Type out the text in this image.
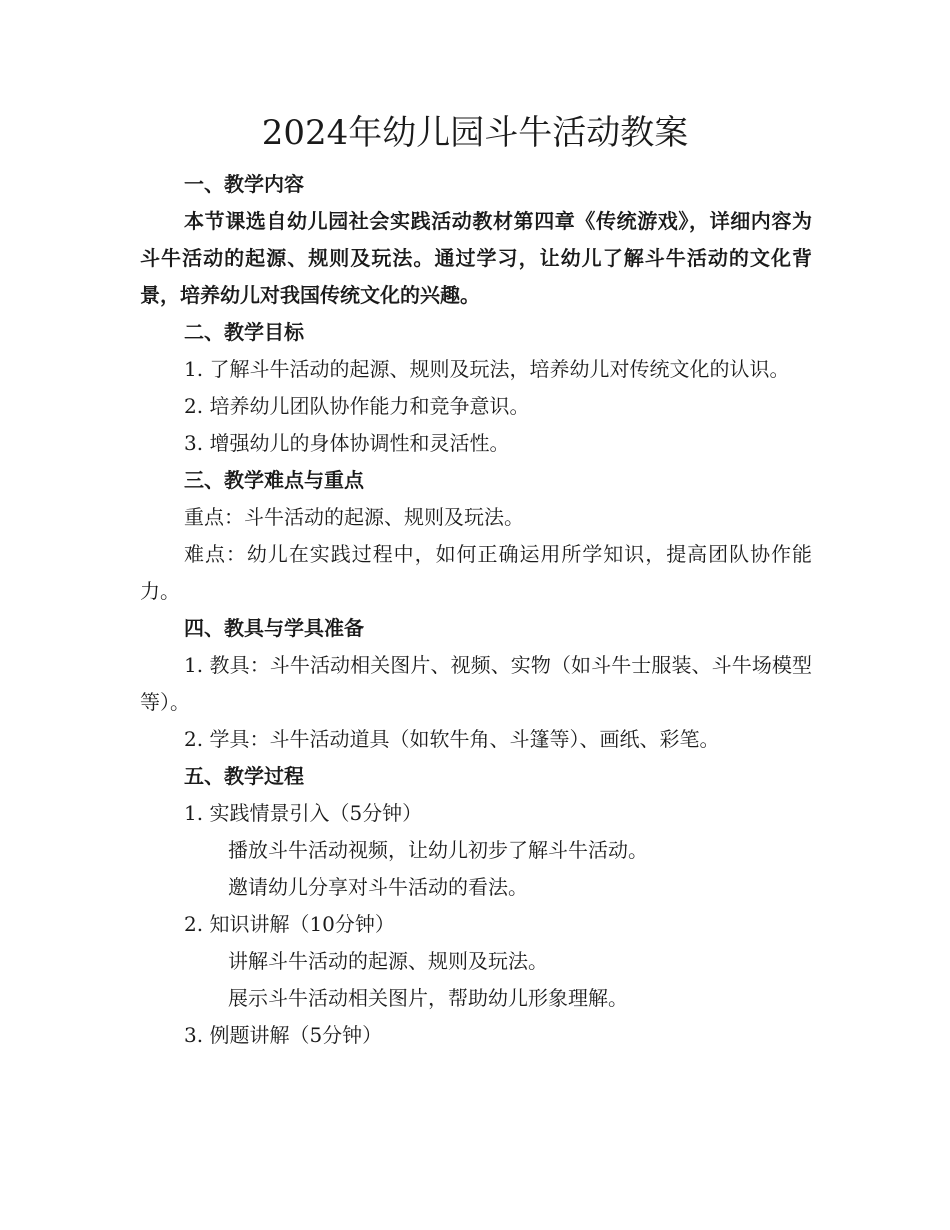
2024年幼儿园斗牛活动教案

一、教学内容

本节课选自幼儿园社会实践活动教材第四章《传统游戏》，详细内容为斗牛活动的起源、规则及玩法。通过学习，让幼儿了解斗牛活动的文化背景，培养幼儿对我国传统文化的兴趣。

二、教学目标

1. 了解斗牛活动的起源、规则及玩法，培养幼儿对传统文化的认识。

2. 培养幼儿团队协作能力和竞争意识。

3. 增强幼儿的身体协调性和灵活性。

三、教学难点与重点

重点：斗牛活动的起源、规则及玩法。

难点：幼儿在实践过程中，如何正确运用所学知识，提高团队协作能力。

四、教具与学具准备

1. 教具：斗牛活动相关图片、视频、实物（如斗牛士服装、斗牛场模型等）。

2. 学具：斗牛活动道具（如软牛角、斗篷等）、画纸、彩笔。

五、教学过程

1. 实践情景引入（5分钟）

播放斗牛活动视频，让幼儿初步了解斗牛活动。

邀请幼儿分享对斗牛活动的看法。

2. 知识讲解（10分钟）

讲解斗牛活动的起源、规则及玩法。

展示斗牛活动相关图片，帮助幼儿形象理解。

3. 例题讲解（5分钟）
